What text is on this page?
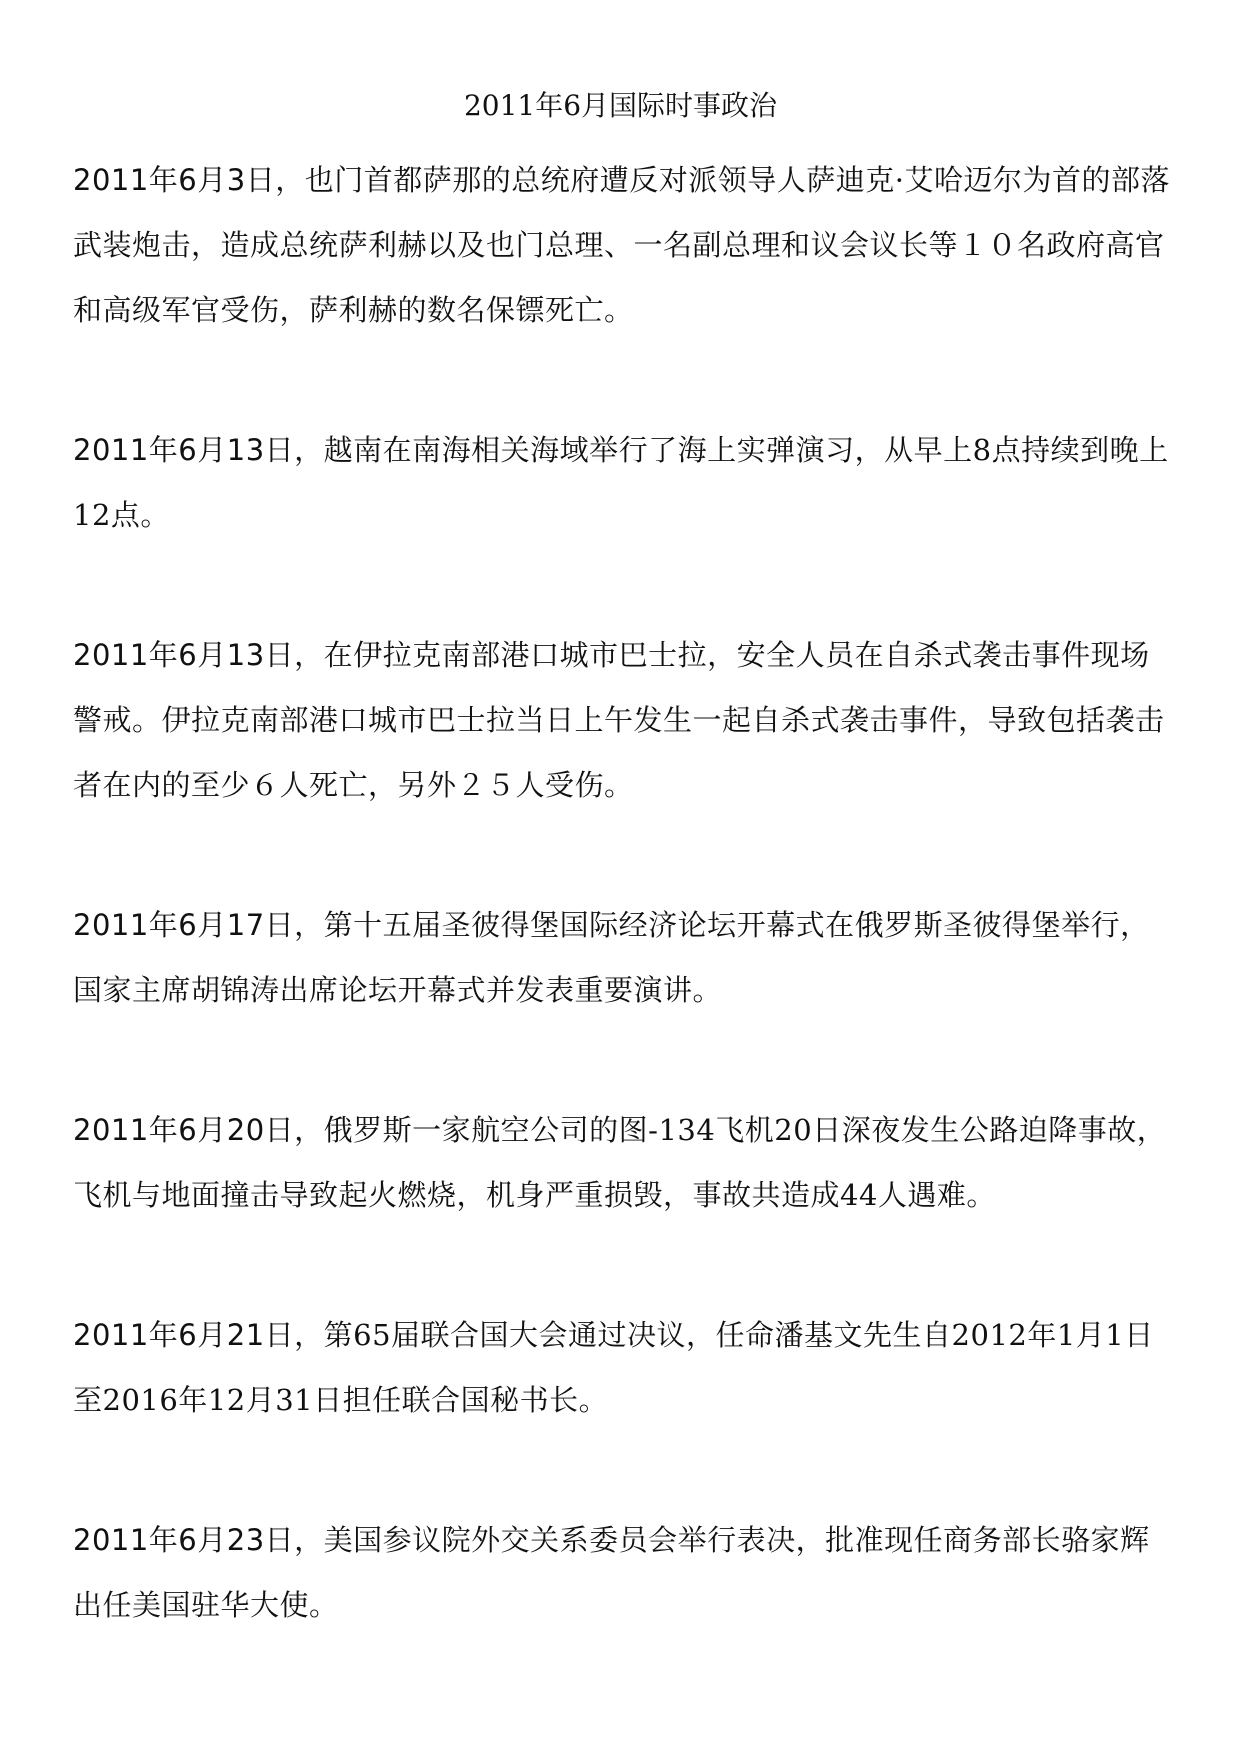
2011年6月国际时事政治

2011年6月3日，也门首都萨那的总统府遭反对派领导人萨迪克·艾哈迈尔为首的部落武装炮击，造成总统萨利赫以及也门总理、一名副总理和议会议长等１０名政府高官和高级军官受伤，萨利赫的数名保镖死亡。

2011年6月13日，越南在南海相关海域举行了海上实弹演习，从早上8点持续到晚上12点。

2011年6月13日，在伊拉克南部港口城市巴士拉，安全人员在自杀式袭击事件现场警戒。伊拉克南部港口城市巴士拉当日上午发生一起自杀式袭击事件，导致包括袭击者在内的至少６人死亡，另外２５人受伤。

2011年6月17日，第十五届圣彼得堡国际经济论坛开幕式在俄罗斯圣彼得堡举行，国家主席胡锦涛出席论坛开幕式并发表重要演讲。

2011年6月20日，俄罗斯一家航空公司的图-134飞机20日深夜发生公路迫降事故，飞机与地面撞击导致起火燃烧，机身严重损毁，事故共造成44人遇难。

2011年6月21日，第65届联合国大会通过决议，任命潘基文先生自2012年1月1日至2016年12月31日担任联合国秘书长。

2011年6月23日，美国参议院外交关系委员会举行表决，批准现任商务部长骆家辉出任美国驻华大使。
